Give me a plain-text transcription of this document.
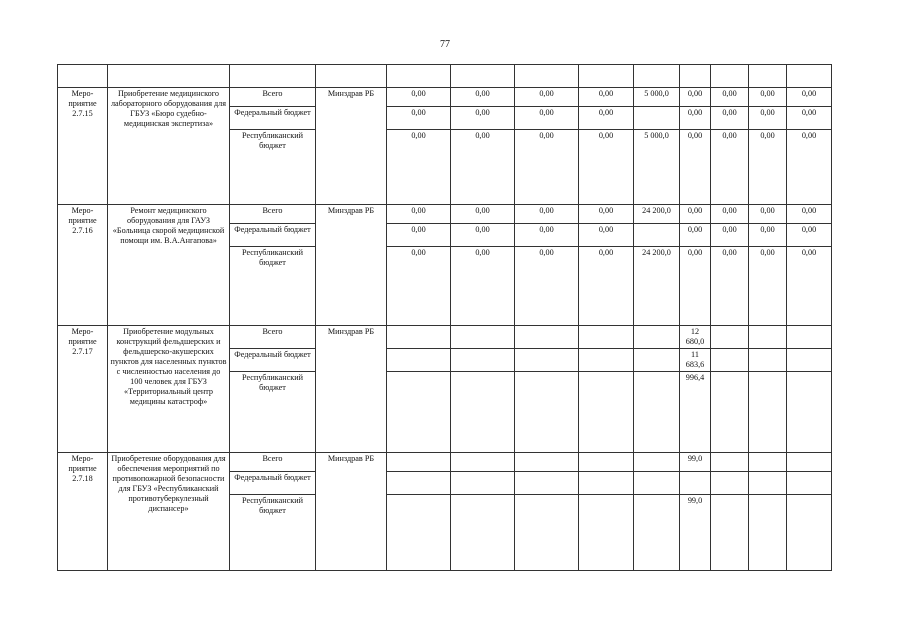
77

Меро-приятие 2.7.15	Приобретение медицинского лабораторного оборудования для ГБУЗ «Бюро судебно-медицинская экспертиза»	Всего	Минздрав РБ	0,00	0,00	0,00	0,00	5 000,0	0,00	0,00	0,00	0,00
		Федеральный бюджет		0,00	0,00	0,00	0,00		0,00	0,00	0,00	0,00
		Республиканский бюджет		0,00	0,00	0,00	0,00	5 000,0	0,00	0,00	0,00	0,00
Меро-приятие 2.7.16	Ремонт медицинского оборудования для ГАУЗ «Больница скорой медицинской помощи им. В.А.Ангапова»	Всего	Минздрав РБ	0,00	0,00	0,00	0,00	24 200,0	0,00	0,00	0,00	0,00
		Федеральный бюджет		0,00	0,00	0,00	0,00		0,00	0,00	0,00	0,00
		Республиканский бюджет		0,00	0,00	0,00	0,00	24 200,0	0,00	0,00	0,00	0,00
Меро-приятие 2.7.17	Приобретение модульных конструкций фельдшерских и фельдшерско-акушерских пунктов для населенных пунктов с численностью населения до 100 человек для ГБУЗ «Территориальный центр медицины катастроф»	Всего	Минздрав РБ						12 680,0			
		Федеральный бюджет							11 683,6			
		Республиканский бюджет							996,4			
Меро-приятие 2.7.18	Приобретение оборудования для обеспечения мероприятий по противопожарной безопасности для ГБУЗ «Республиканский противотуберкулезный диспансер»	Всего	Минздрав РБ						99,0			
		Федеральный бюджет										
		Республиканский бюджет							99,0			
